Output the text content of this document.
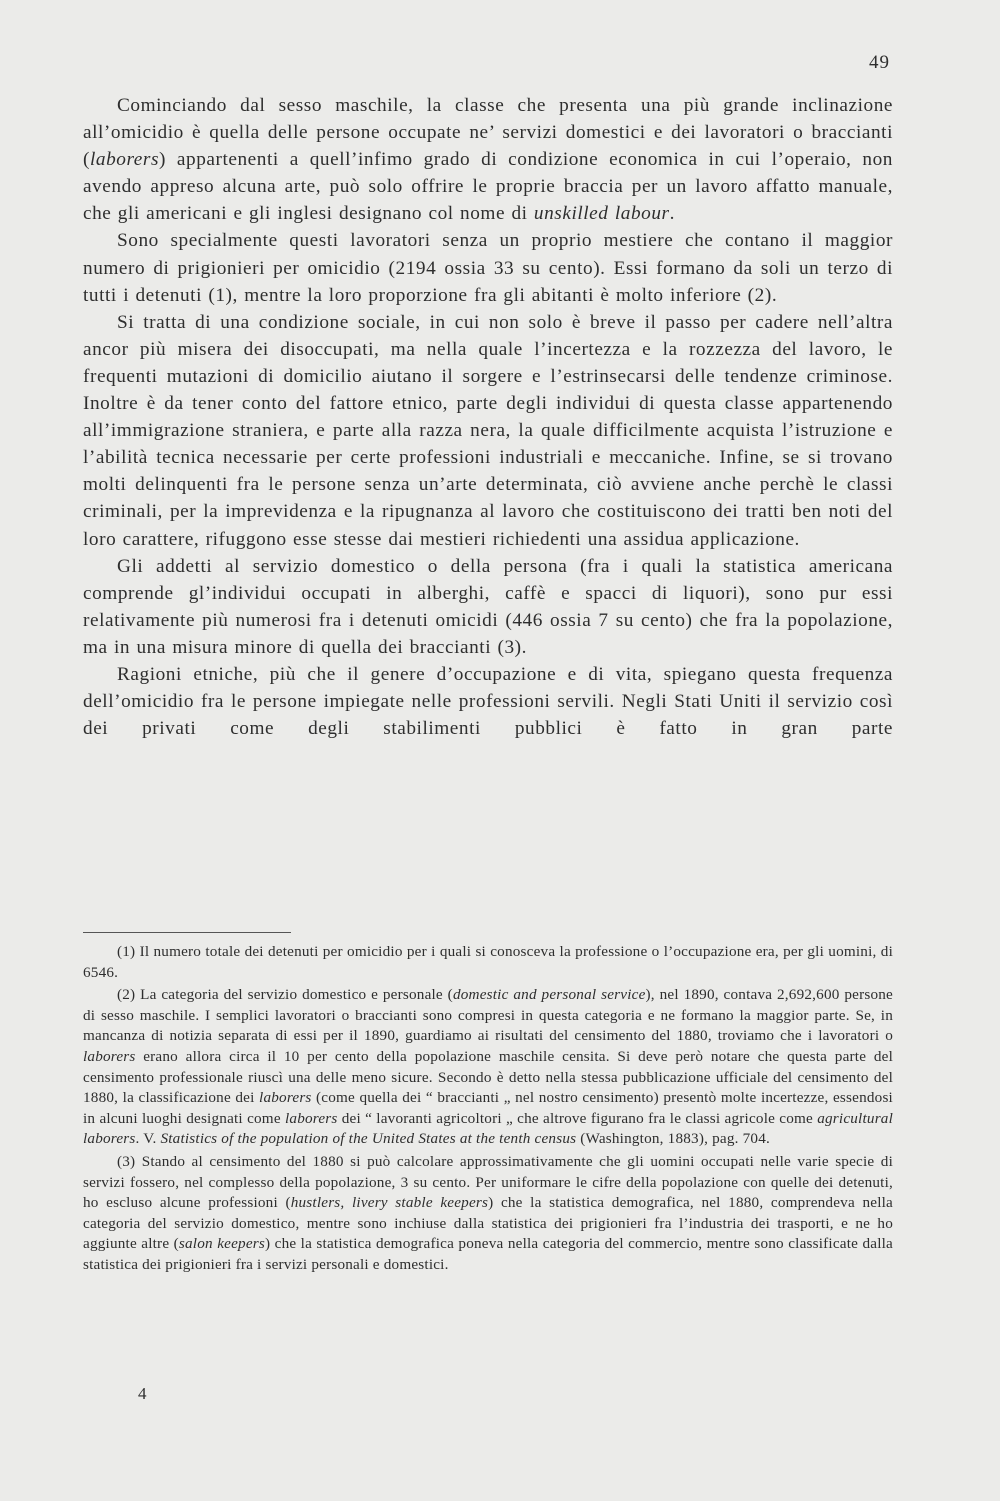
49

Cominciando dal sesso maschile, la classe che presenta una più grande inclinazione all’omicidio è quella delle persone occupate ne’ servizi domestici e dei lavoratori o braccianti (laborers) appartenenti a quell’infimo grado di condizione economica in cui l’operaio, non avendo appreso alcuna arte, può solo offrire le proprie braccia per un lavoro affatto manuale, che gli americani e gli inglesi designano col nome di unskilled labour.

Sono specialmente questi lavoratori senza un proprio mestiere che contano il maggior numero di prigionieri per omicidio (2194 ossia 33 su cento). Essi formano da soli un terzo di tutti i detenuti (1), mentre la loro proporzione fra gli abitanti è molto inferiore (2).

Si tratta di una condizione sociale, in cui non solo è breve il passo per cadere nell’altra ancor più misera dei disoccupati, ma nella quale l’incertezza e la rozzezza del lavoro, le frequenti mutazioni di domicilio aiutano il sorgere e l’estrinsecarsi delle tendenze criminose. Inoltre è da tener conto del fattore etnico, parte degli individui di questa classe appartenendo all’immigrazione straniera, e parte alla razza nera, la quale difficilmente acquista l’istruzione e l’abilità tecnica necessarie per certe professioni industriali e meccaniche. Infine, se si trovano molti delinquenti fra le persone senza un’arte determinata, ciò avviene anche perchè le classi criminali, per la imprevidenza e la ripugnanza al lavoro che costituiscono dei tratti ben noti del loro carattere, rifuggono esse stesse dai mestieri richiedenti una assidua applicazione.

Gli addetti al servizio domestico o della persona (fra i quali la statistica americana comprende gl’individui occupati in alberghi, caffè e spacci di liquori), sono pur essi relativamente più numerosi fra i detenuti omicidi (446 ossia 7 su cento) che fra la popolazione, ma in una misura minore di quella dei braccianti (3).

Ragioni etniche, più che il genere d’occupazione e di vita, spiegano questa frequenza dell’omicidio fra le persone impiegate nelle professioni servili. Negli Stati Uniti il servizio così dei privati come degli stabilimenti pubblici è fatto in gran parte

(1) Il numero totale dei detenuti per omicidio per i quali si conosceva la professione o l’occupazione era, per gli uomini, di 6546.

(2) La categoria del servizio domestico e personale (domestic and personal service), nel 1890, contava 2,692,600 persone di sesso maschile. I semplici lavoratori o braccianti sono compresi in questa categoria e ne formano la maggior parte. Se, in mancanza di notizia separata di essi per il 1890, guardiamo ai risultati del censimento del 1880, troviamo che i lavoratori o laborers erano allora circa il 10 per cento della popolazione maschile censita. Si deve però notare che questa parte del censimento professionale riuscì una delle meno sicure. Secondo è detto nella stessa pubblicazione ufficiale del censimento del 1880, la classificazione dei laborers (come quella dei “ braccianti „ nel nostro censimento) presentò molte incertezze, essendosi in alcuni luoghi designati come laborers dei “ lavoranti agricoltori „ che altrove figurano fra le classi agricole come agricultural laborers. V. Statistics of the population of the United States at the tenth census (Washington, 1883), pag. 704.

(3) Stando al censimento del 1880 si può calcolare approssimativamente che gli uomini occupati nelle varie specie di servizi fossero, nel complesso della popolazione, 3 su cento. Per uniformare le cifre della popolazione con quelle dei detenuti, ho escluso alcune professioni (hustlers, livery stable keepers) che la statistica demografica, nel 1880, comprendeva nella categoria del servizio domestico, mentre sono inchiuse dalla statistica dei prigionieri fra l’industria dei trasporti, e ne ho aggiunte altre (salon keepers) che la statistica demografica poneva nella categoria del commercio, mentre sono classificate dalla statistica dei prigionieri fra i servizi personali e domestici.

4
